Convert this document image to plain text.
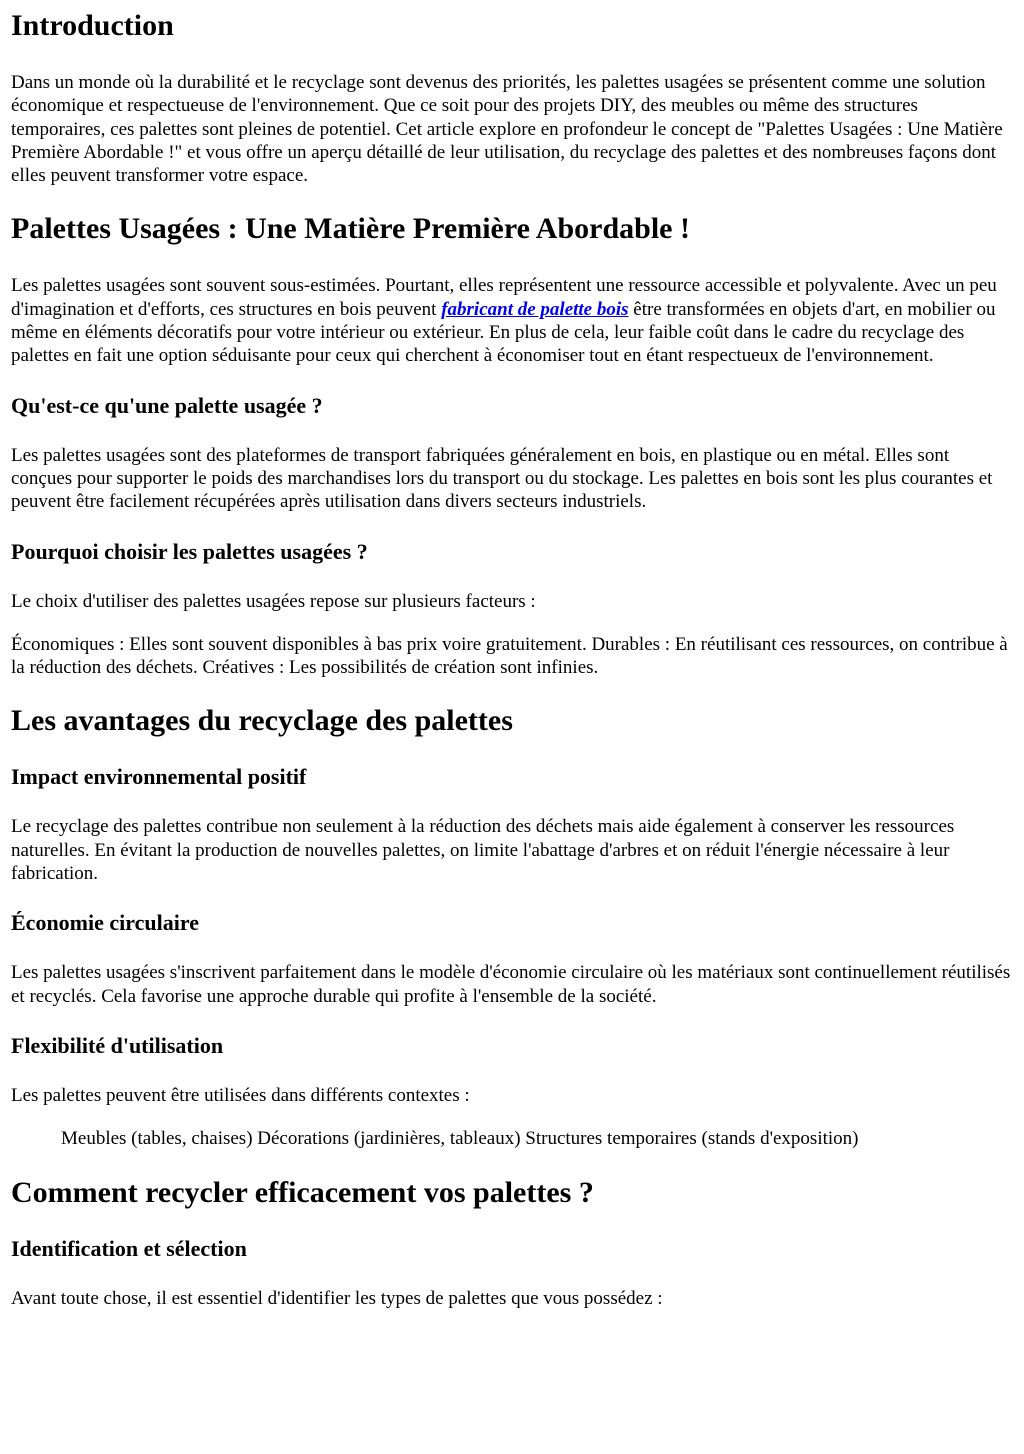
Introduction

Dans un monde où la durabilité et le recyclage sont devenus des priorités, les palettes usagées se présentent comme une solution économique et respectueuse de l'environnement. Que ce soit pour des projets DIY, des meubles ou même des structures temporaires, ces palettes sont pleines de potentiel. Cet article explore en profondeur le concept de "Palettes Usagées : Une Matière Première Abordable !" et vous offre un aperçu détaillé de leur utilisation, du recyclage des palettes et des nombreuses façons dont elles peuvent transformer votre espace.

Palettes Usagées : Une Matière Première Abordable !

Les palettes usagées sont souvent sous-estimées. Pourtant, elles représentent une ressource accessible et polyvalente. Avec un peu d'imagination et d'efforts, ces structures en bois peuvent fabricant de palette bois être transformées en objets d'art, en mobilier ou même en éléments décoratifs pour votre intérieur ou extérieur. En plus de cela, leur faible coût dans le cadre du recyclage des palettes en fait une option séduisante pour ceux qui cherchent à économiser tout en étant respectueux de l'environnement.

Qu'est-ce qu'une palette usagée ?

Les palettes usagées sont des plateformes de transport fabriquées généralement en bois, en plastique ou en métal. Elles sont conçues pour supporter le poids des marchandises lors du transport ou du stockage. Les palettes en bois sont les plus courantes et peuvent être facilement récupérées après utilisation dans divers secteurs industriels.

Pourquoi choisir les palettes usagées ?

Le choix d'utiliser des palettes usagées repose sur plusieurs facteurs :

Économiques : Elles sont souvent disponibles à bas prix voire gratuitement. Durables : En réutilisant ces ressources, on contribue à la réduction des déchets. Créatives : Les possibilités de création sont infinies.

Les avantages du recyclage des palettes
Impact environnemental positif

Le recyclage des palettes contribue non seulement à la réduction des déchets mais aide également à conserver les ressources naturelles. En évitant la production de nouvelles palettes, on limite l'abattage d'arbres et on réduit l'énergie nécessaire à leur fabrication.

Économie circulaire

Les palettes usagées s'inscrivent parfaitement dans le modèle d'économie circulaire où les matériaux sont continuellement réutilisés et recyclés. Cela favorise une approche durable qui profite à l'ensemble de la société.

Flexibilité d'utilisation

Les palettes peuvent être utilisées dans différents contextes :

Meubles (tables, chaises) Décorations (jardinières, tableaux) Structures temporaires (stands d'exposition)

Comment recycler efficacement vos palettes ?
Identification et sélection

Avant toute chose, il est essentiel d'identifier les types de palettes que vous possédez :
